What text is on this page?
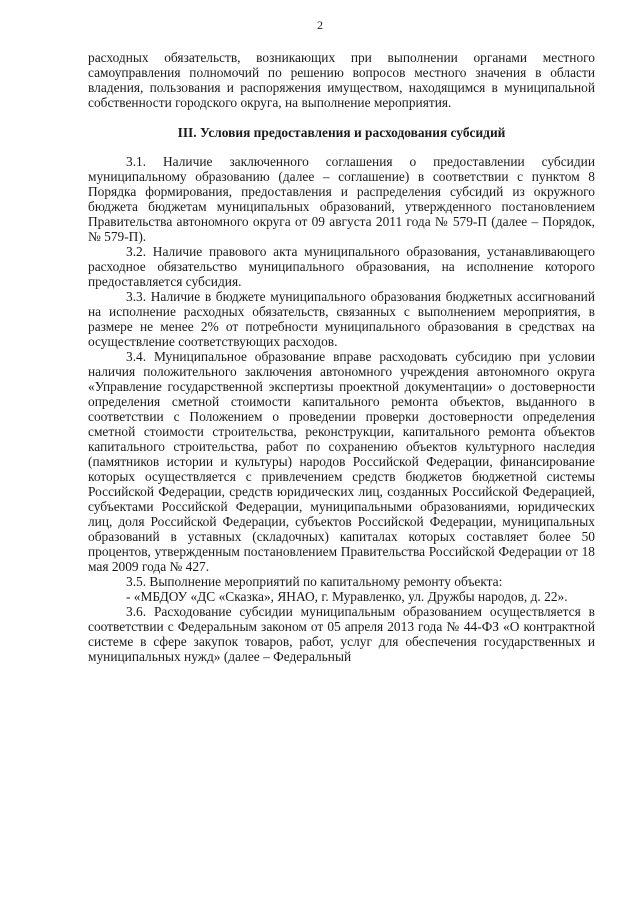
2

расходных обязательств, возникающих при выполнении органами местного самоуправления полномочий по решению вопросов местного значения в области владения, пользования и распоряжения имуществом, находящимся в муниципальной собственности городского округа, на выполнение мероприятия.

III. Условия предоставления и расходования субсидий

3.1. Наличие заключенного соглашения о предоставлении субсидии муниципальному образованию (далее – соглашение) в соответствии с пунктом 8 Порядка формирования, предоставления и распределения субсидий из окружного бюджета бюджетам муниципальных образований, утвержденного постановлением Правительства автономного округа от 09 августа 2011 года № 579-П (далее – Порядок, № 579-П).

3.2. Наличие правового акта муниципального образования, устанавливающего расходное обязательство муниципального образования, на исполнение которого предоставляется субсидия.

3.3. Наличие в бюджете муниципального образования бюджетных ассигнований на исполнение расходных обязательств, связанных с выполнением мероприятия, в размере не менее 2% от потребности муниципального образования в средствах на осуществление соответствующих расходов.

3.4. Муниципальное образование вправе расходовать субсидию при условии наличия положительного заключения автономного учреждения автономного округа «Управление государственной экспертизы проектной документации» о достоверности определения сметной стоимости капитального ремонта объектов, выданного в соответствии с Положением о проведении проверки достоверности определения сметной стоимости строительства, реконструкции, капитального ремонта объектов капитального строительства, работ по сохранению объектов культурного наследия (памятников истории и культуры) народов Российской Федерации, финансирование которых осуществляется с привлечением средств бюджетов бюджетной системы Российской Федерации, средств юридических лиц, созданных Российской Федерацией, субъектами Российской Федерации, муниципальными образованиями, юридических лиц, доля Российской Федерации, субъектов Российской Федерации, муниципальных образований в уставных (складочных) капиталах которых составляет более 50 процентов, утвержденным постановлением Правительства Российской Федерации от 18 мая 2009 года № 427.

3.5. Выполнение мероприятий по капитальному ремонту объекта:

- «МБДОУ «ДС «Сказка», ЯНАО, г. Муравленко, ул. Дружбы народов, д. 22».

3.6. Расходование субсидии муниципальным образованием осуществляется в соответствии с Федеральным законом от 05 апреля 2013 года № 44-ФЗ «О контрактной системе в сфере закупок товаров, работ, услуг для обеспечения государственных и муниципальных нужд» (далее – Федеральный
